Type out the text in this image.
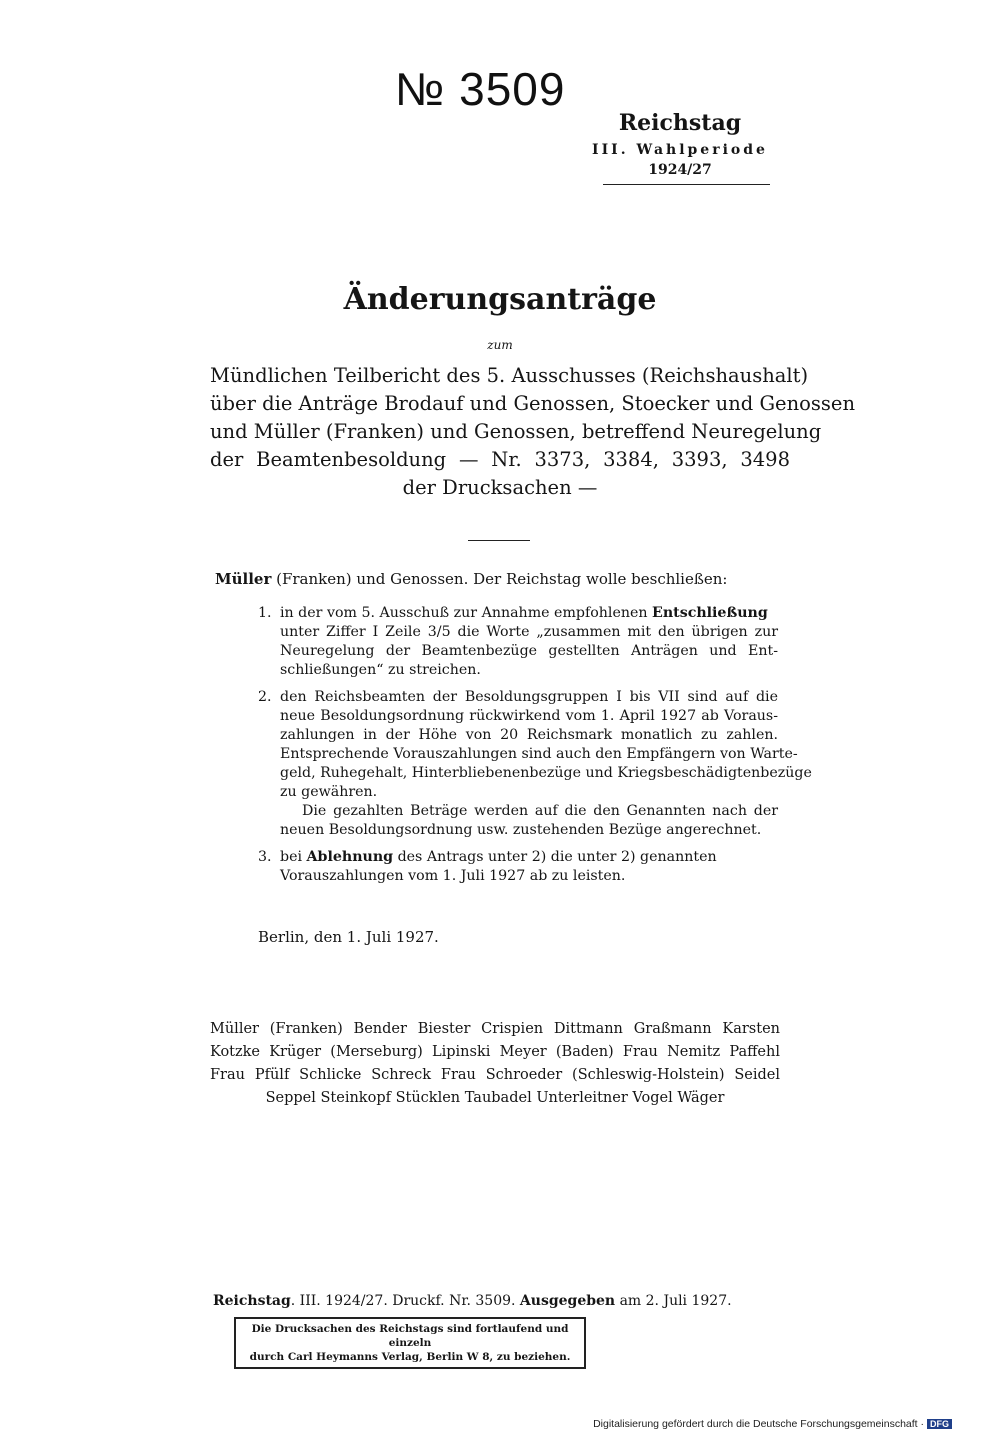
№ 3509
Reichstag
III. Wahlperiode
1924/27
Änderungsanträge
zum
Mündlichen Teilbericht des 5. Ausschusses (Reichshaushalt)
über die Anträge Brodauf und Genossen, Stoecker und Genossen
und Müller (Franken) und Genossen, betreffend Neuregelung
der Beamtenbesoldung — Nr. 3373, 3384, 3393, 3498
der Drucksachen —
Müller (Franken) und Genossen. Der Reichstag wolle beschließen:
1. in der vom 5. Ausschuß zur Annahme empfohlenen Entschließung
unter Ziffer I Zeile 3/5 die Worte „zusammen mit den übrigen zur
Neuregelung der Beamtenbezüge gestellten Anträgen und Ent-
schließungen“ zu streichen.
2. den Reichsbeamten der Besoldungsgruppen I bis VII sind auf die
neue Besoldungsordnung rückwirkend vom 1. April 1927 ab Voraus-
zahlungen in der Höhe von 20 Reichsmark monatlich zu zahlen.
Entsprechende Vorauszahlungen sind auch den Empfängern von Warte-
geld, Ruhegehalt, Hinterbliebenenbezüge und Kriegsbeschädigtenbezüge
zu gewähren.
Die gezahlten Beträge werden auf die den Genannten nach der
neuen Besoldungsordnung usw. zustehenden Bezüge angerechnet.
3. bei Ablehnung des Antrags unter 2) die unter 2) genannten
Vorauszahlungen vom 1. Juli 1927 ab zu leisten.
Berlin, den 1. Juli 1927.
Müller (Franken) Bender Biester Crispien Dittmann Graßmann Karsten
Kotzke Krüger (Merseburg) Lipinski Meyer (Baden) Frau Nemitz Paffehl
Frau Pfülf Schlicke Schreck Frau Schroeder (Schleswig-Holstein) Seidel
Seppel Steinkopf Stücklen Taubadel Unterleitner Vogel Wäger
Reichstag. III. 1924/27. Druckf. Nr. 3509. Ausgegeben am 2. Juli 1927.
Die Drucksachen des Reichstags sind fortlaufend und einzeln
durch Carl Heymanns Verlag, Berlin W 8, zu beziehen.
Digitalisierung gefördert durch die Deutsche Forschungsgemeinschaft · DFG
